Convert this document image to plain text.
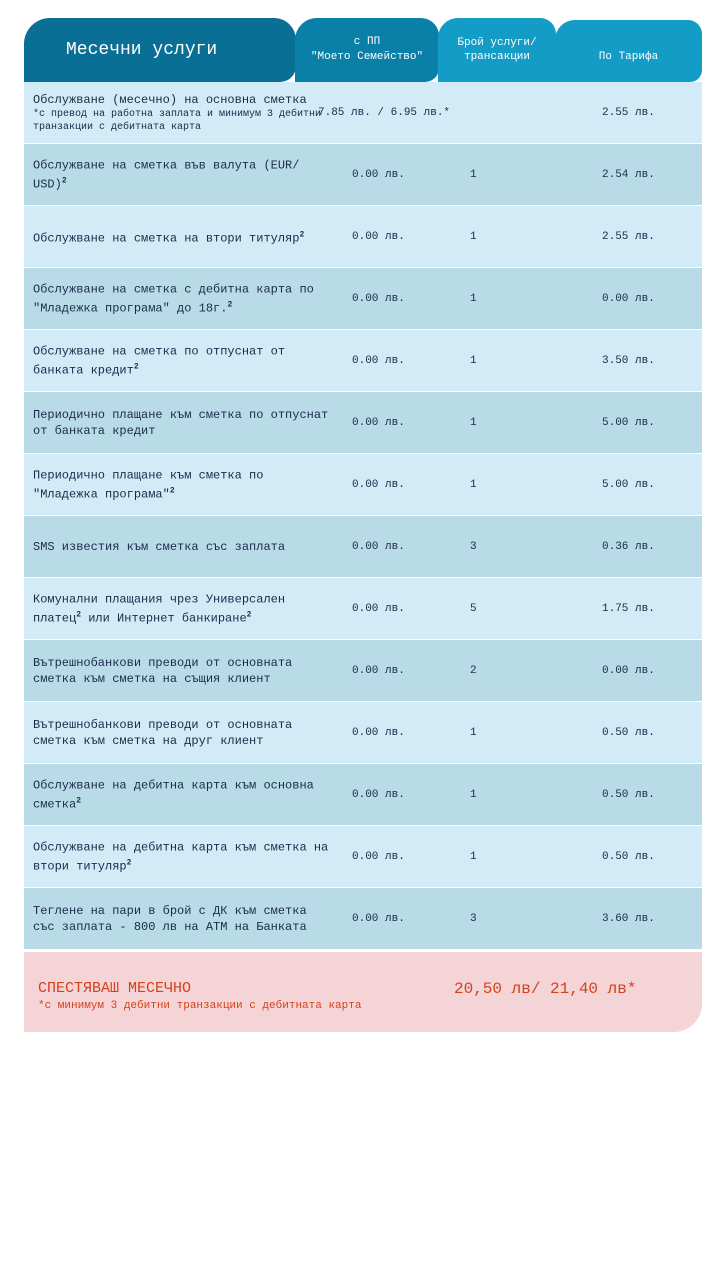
Месечни услуги	с ПП
"Моето Семейство"
Брой услуги/
трансакции	По Тарифа
Обслужване (месечно) на основна сметка
*с превод на работна заплата и минимум 3 дебитни транзакции с дебитната карта
7.85 лв. / 6.95 лв.*	2.55 лв.
Обслужване на сметка във валута (EUR/ USD)$^2$	0.00 лв.	1	2.54 лв.
Обслужване на сметка на втори титуляр$^2$	0.00 лв.	1	2.55 лв.
Обслужване на сметка с дебитна карта по "Младежка програма" до 18г.$^2$	0.00 лв.	1	0.00 лв.
Обслужване на сметка по отпуснат от банката кредит$^2$	0.00 лв.	1	3.50 лв.
Периодично плащане към сметка по отпуснат от банката кредит
0.00 лв.	1	5.00 лв.
Периодично плащане към сметка по "Младежка програма"$^2$	0.00 лв.	1	5.00 лв.
SMS известия към сметка със заплата	0.00 лв.	3	0.36 лв.
Комунални плащания чрез Универсален платец$^2$ или Интернет банкиране$^2$	0.00 лв.	5	1.75 лв.
Вътрешнобанкови преводи от основната сметка към сметка на същия клиент
0.00 лв.	2	0.00 лв.
Вътрешнобанкови преводи от основната сметка към сметка на друг клиент
0.00 лв.	1	0.50 лв.
Обслужване на дебитна карта към основна сметка$^2$	0.00 лв.	1	0.50 лв.
Обслужване на дебитна карта към сметка на втори титуляр$^2$	0.00 лв.	1	0.50 лв.
Теглене на пари в брой с ДК към сметка със заплата - 800 лв на АТМ на Банката
0.00 лв.	3	3.60 лв.
СПЕСТЯВАШ МЕСЕЧНО
*с минимум 3 дебитни транзакции с дебитната карта
20,50 лв/ 21,40 лв*
